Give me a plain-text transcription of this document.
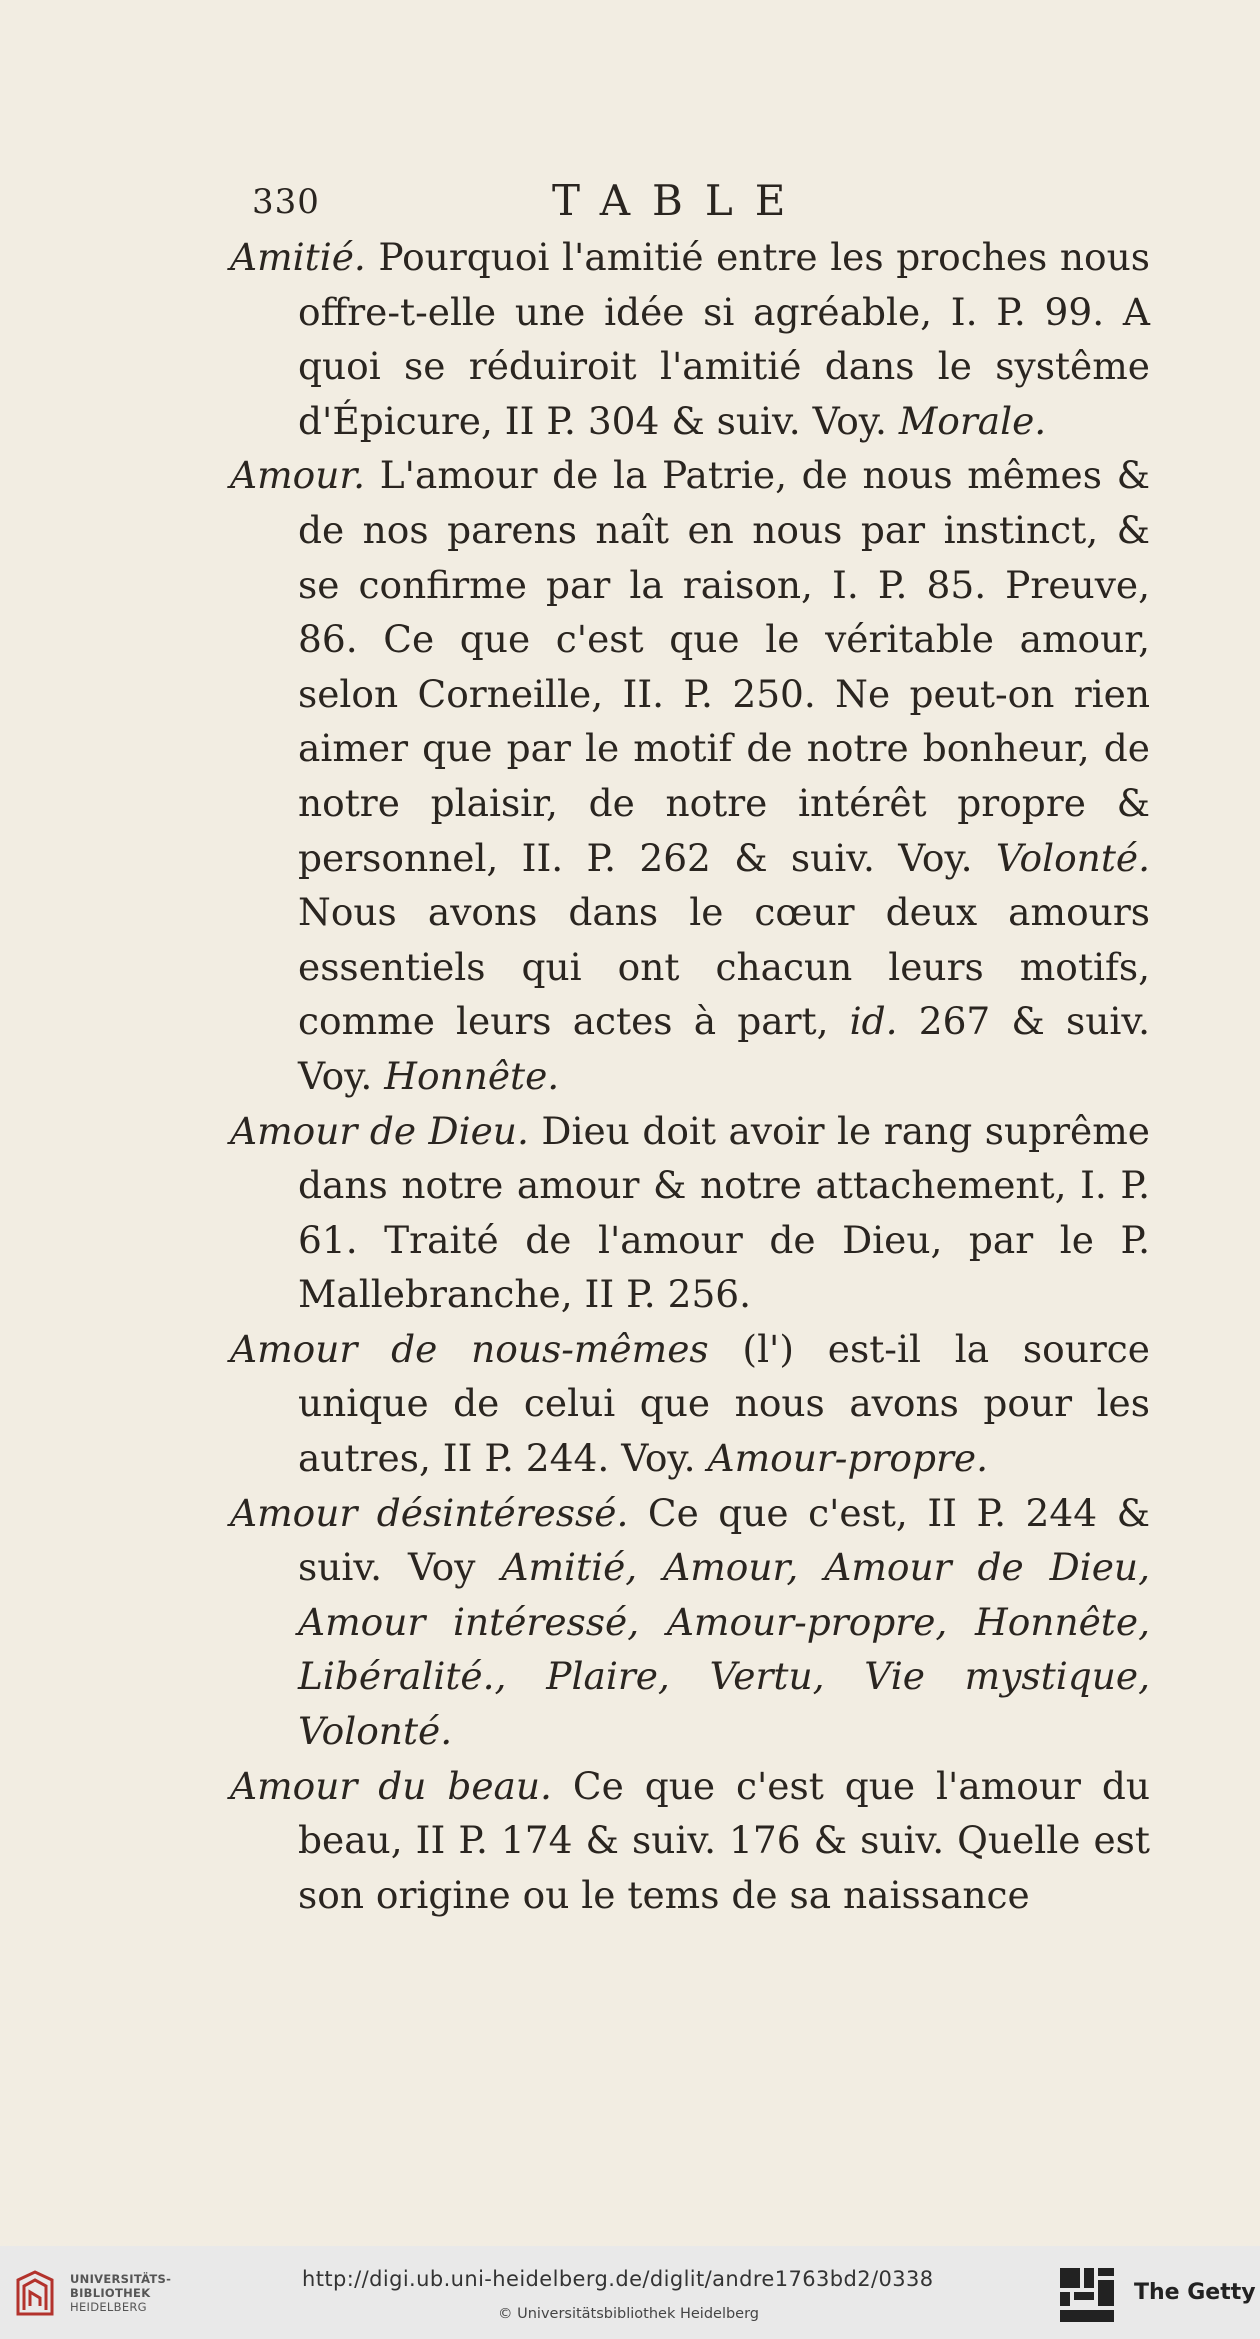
330	TABLE

Amitié. Pourquoi l'amitié entre les proches nous offre-t-elle une idée si agréable, I. P. 99. A quoi se réduiroit l'amitié dans le systême d'Épicure, II P. 304 & suiv. Voy. Morale.

Amour. L'amour de la Patrie, de nous mêmes & de nos parens naît en nous par instinct, & se confirme par la raison, I. P. 85. Preuve, 86. Ce que c'est que le véritable amour, selon Corneille, II. P. 250. Ne peut-on rien aimer que par le motif de notre bonheur, de notre plaisir, de notre intérêt propre & personnel, II. P. 262 & suiv. Voy. Volonté. Nous avons dans le cœur deux amours essentiels qui ont chacun leurs motifs, comme leurs actes à part, id. 267 & suiv. Voy. Honnête.

Amour de Dieu. Dieu doit avoir le rang suprême dans notre amour & notre attachement, I. P. 61. Traité de l'amour de Dieu, par le P. Mallebranche, II P. 256.

Amour de nous-mêmes (l') est-il la source unique de celui que nous avons pour les autres, II P. 244. Voy. Amour-propre.

Amour désintéressé. Ce que c'est, II P. 244 & suiv. Voy Amitié, Amour, Amour de Dieu, Amour intéressé, Amour-propre, Honnête, Libéralité., Plaire, Vertu, Vie mystique, Volonté.

Amour du beau. Ce que c'est que l'amour du beau, II P. 174 & suiv. 176 & suiv. Quelle est son origine ou le tems de sa naissance

UNIVERSITÄTS-
BIBLIOTHEK
HEIDELBERG
http://digi.ub.uni-heidelberg.de/diglit/andre1763bd2/0338
© Universitätsbibliothek Heidelberg
The Getty
